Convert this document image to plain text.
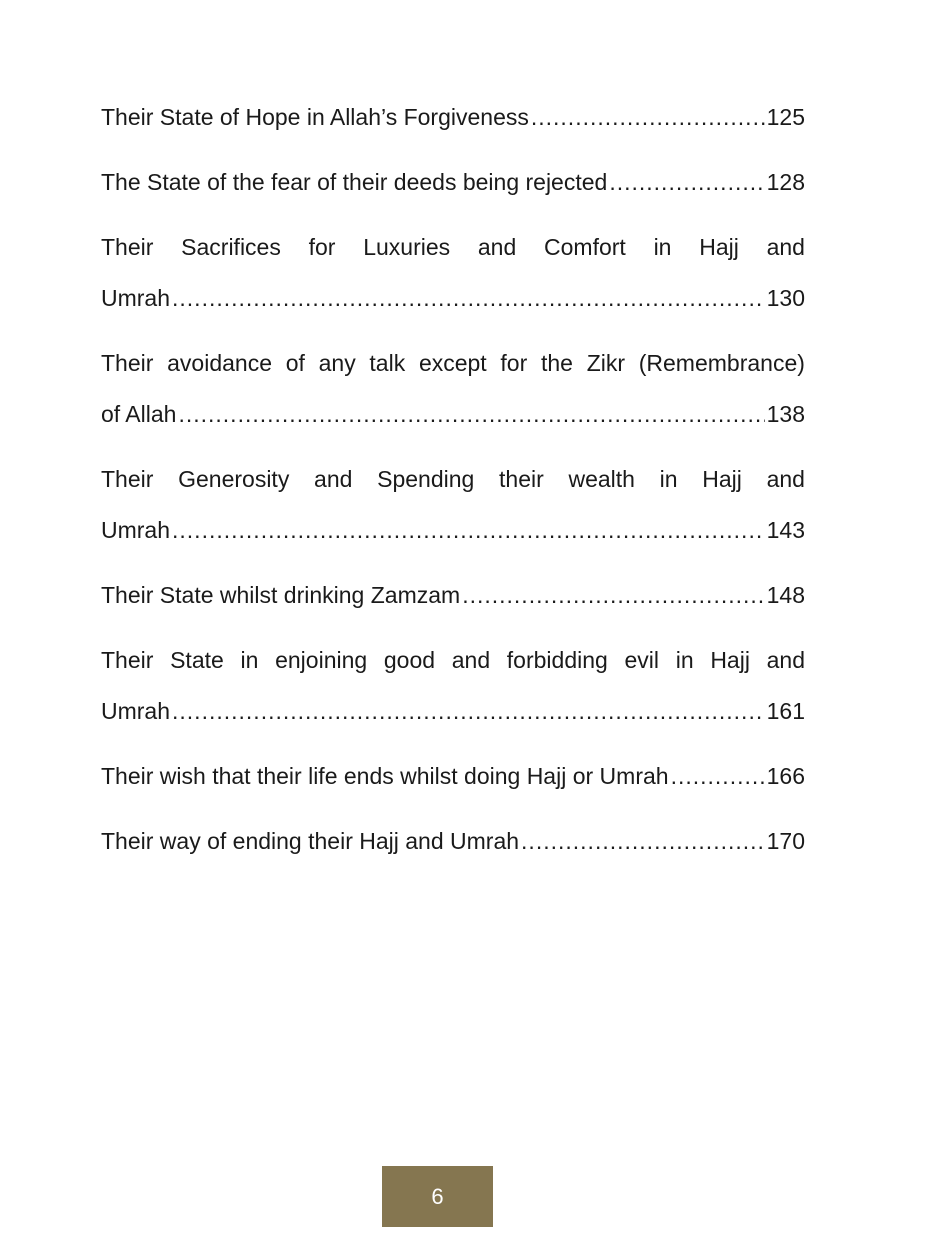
Their State of Hope in Allah’s Forgiveness .....	125
The State of the fear of their deeds being rejected .....	128
Their Sacrifices for Luxuries and Comfort in Hajj and
Umrah .....	130
Their avoidance of any talk except for the Zikr (Remembrance)
of Allah .....	138
Their Generosity and Spending their wealth in Hajj and
Umrah .....	143
Their State whilst drinking Zamzam .....	148
Their State in enjoining good and forbidding evil in Hajj and
Umrah .....	161
Their wish that their life ends whilst doing Hajj or Umrah .....	166
Their way of ending their Hajj and Umrah .....	170
6
